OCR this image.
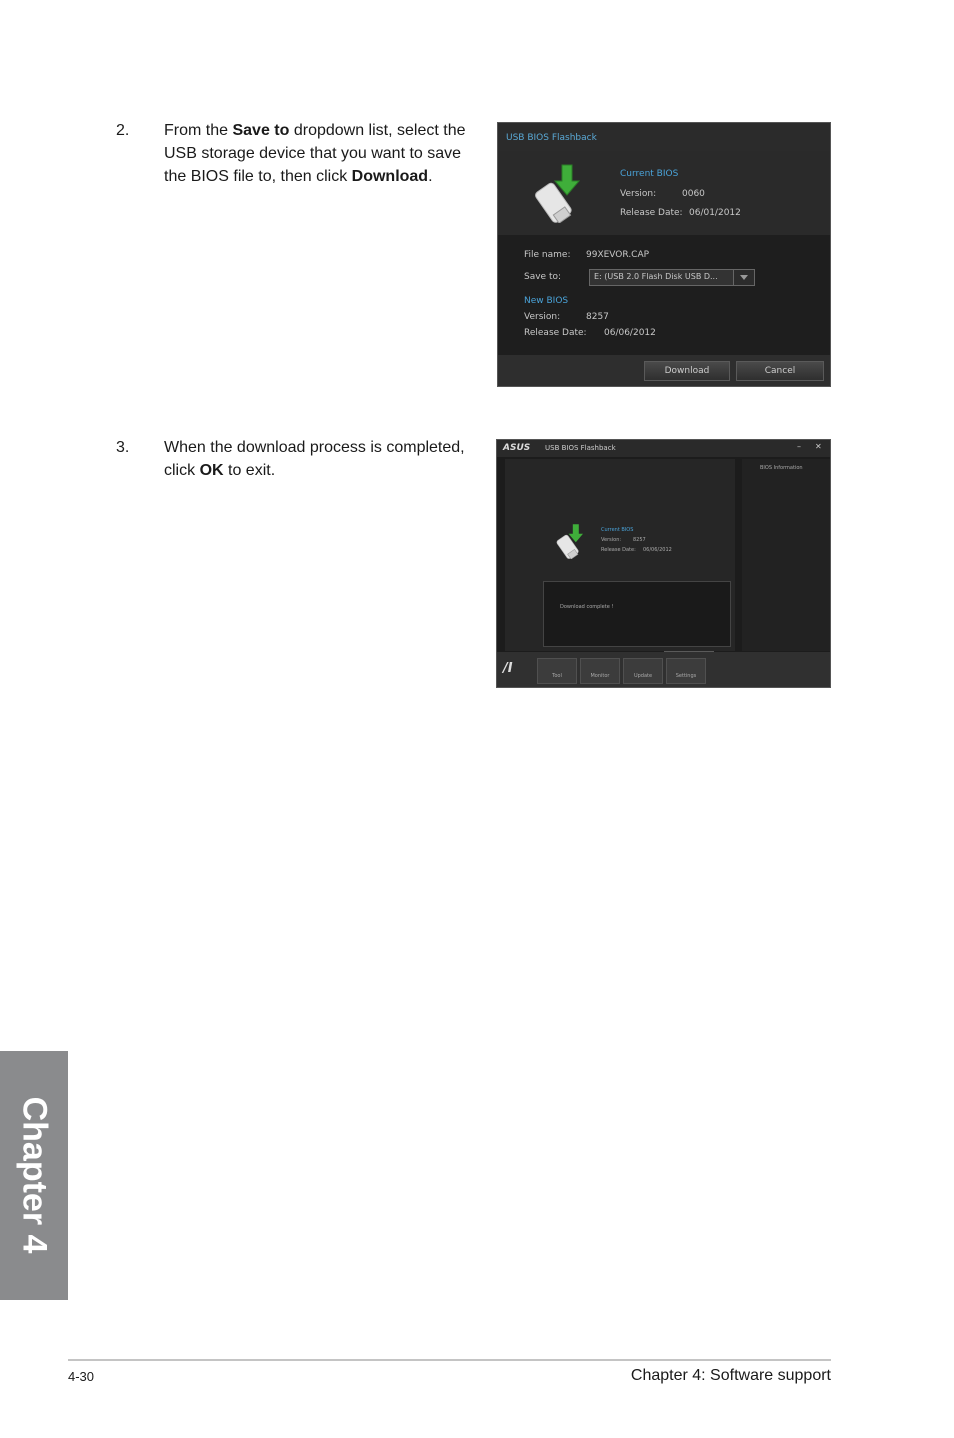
2. From the Save to dropdown list, select the USB storage device that you want to save the BIOS file to, then click Download.
USB BIOS Flashback
Current BIOS
Version:	0060
Release Date: 06/01/2012
File name: 99XEVOR.CAP
Save to:	E: (USB 2.0 Flash Disk USB D...
New BIOS
Version:	8257
Release Date: 06/06/2012
Download	Cancel
3. When the download process is completed, click OK to exit.
ASUS USB BIOS Flashback	– ✕
Current BIOS
Version: 8257
Release Date: 06/06/2012
Download complete !
BIOS Information
/I	Tool	Monitor	Update	Settings
Chapter 4
4-30	Chapter 4: Software support
